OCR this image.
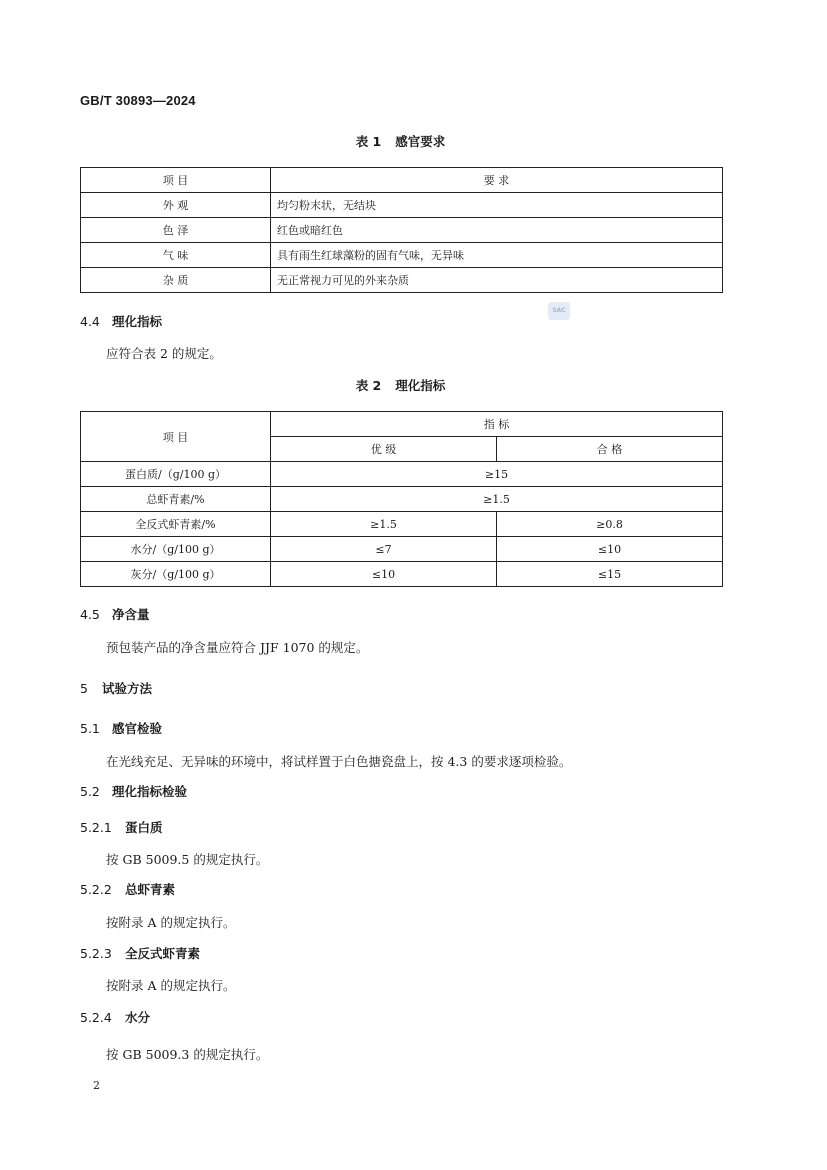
GB/T 30893—2024
表 1 感官要求
项 目	要 求
外 观	均匀粉末状，无结块
色 泽	红色或暗红色
气 味	具有雨生红球藻粉的固有气味，无异味
杂 质	无正常视力可见的外来杂质
SAC
4.4 理化指标
应符合表 2 的规定。
表 2 理化指标
项 目	指 标	
	优 级	合 格
蛋白质/（g/100 g）	≥15	
总虾青素/%	≥1.5	
全反式虾青素/%	≥1.5	≥0.8
水分/（g/100 g）	≤7	≤10
灰分/（g/100 g）	≤10	≤15
4.5 净含量
预包装产品的净含量应符合 JJF 1070 的规定。
5 试验方法
5.1 感官检验
在光线充足、无异味的环境中，将试样置于白色搪瓷盘上，按 4.3 的要求逐项检验。
5.2 理化指标检验
5.2.1 蛋白质
按 GB 5009.5 的规定执行。
5.2.2 总虾青素
按附录 A 的规定执行。
5.2.3 全反式虾青素
按附录 A 的规定执行。
5.2.4 水分
按 GB 5009.3 的规定执行。
2
